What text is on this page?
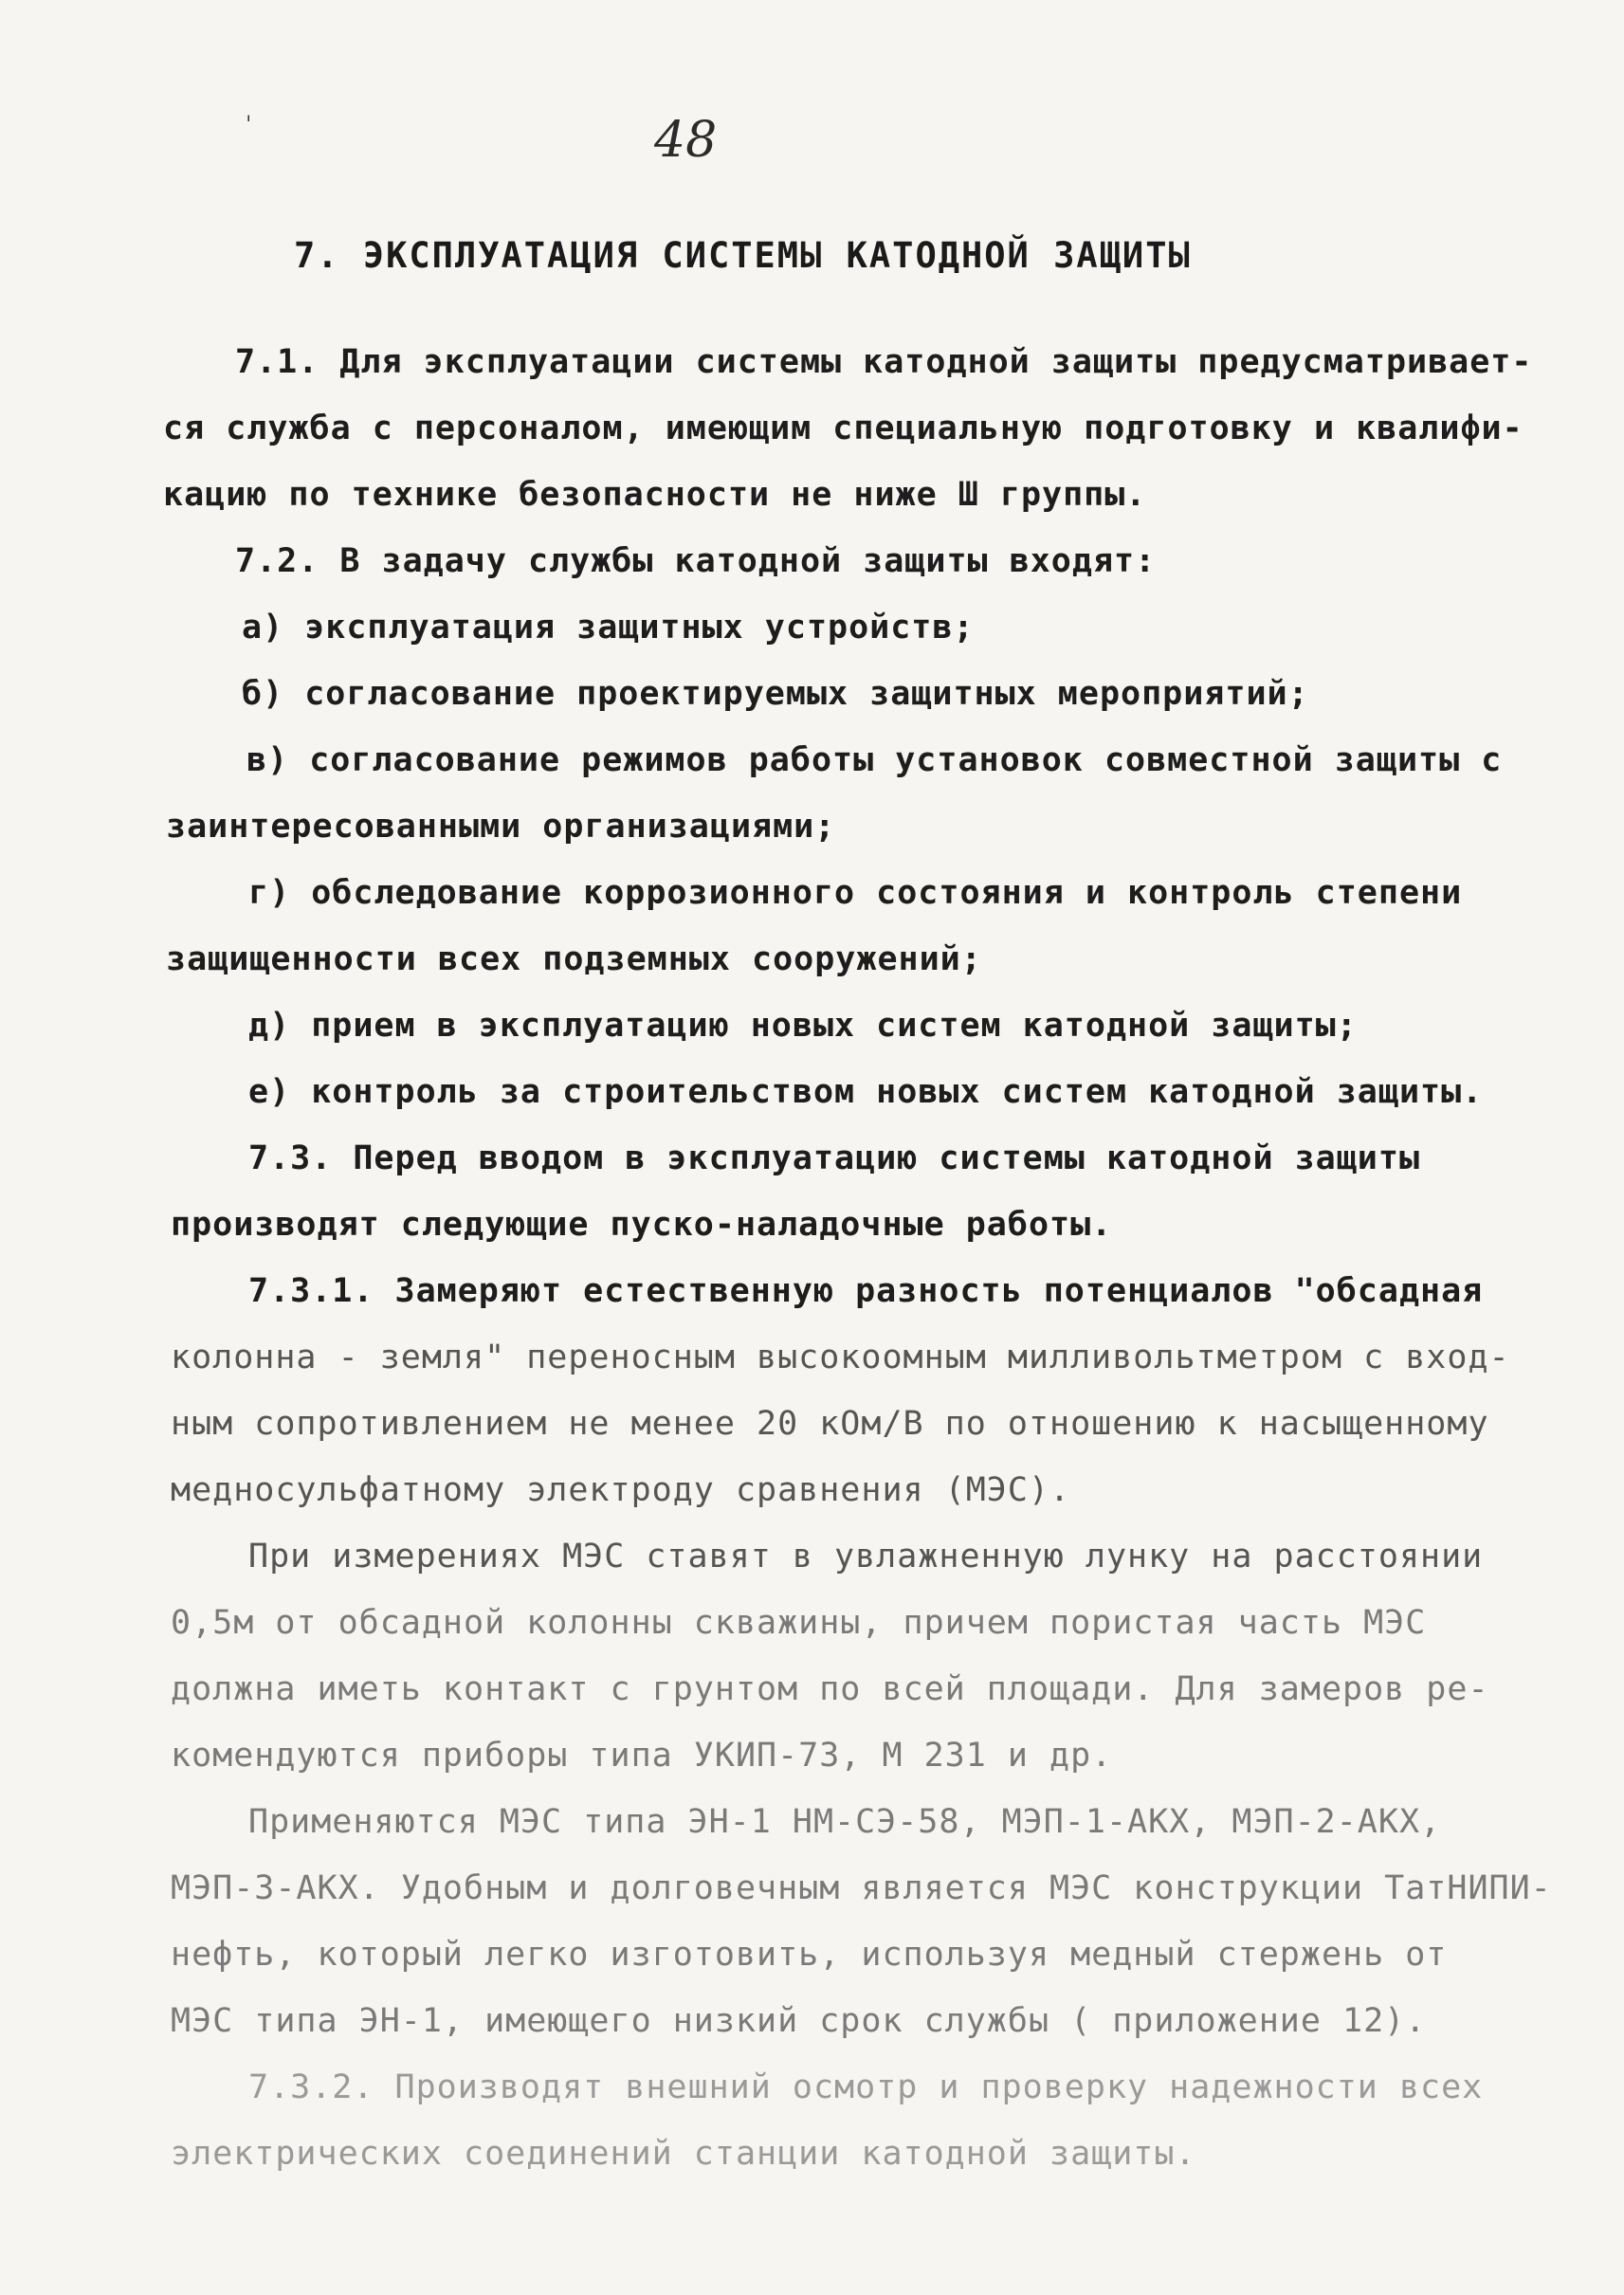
48
7. ЭКСПЛУАТАЦИЯ СИСТЕМЫ КАТОДНОЙ ЗАЩИТЫ
7.1. Для эксплуатации системы катодной защиты предусматривает-
ся служба с персоналом, имеющим специальную подготовку и квалифи-
кацию по технике безопасности не ниже Ш группы.
7.2. В задачу службы катодной защиты входят:
а) эксплуатация защитных устройств;
б) согласование проектируемых защитных мероприятий;
в) согласование режимов работы установок совместной защиты с
заинтересованными организациями;
г) обследование коррозионного состояния и контроль степени
защищенности всех подземных сооружений;
д) прием в эксплуатацию новых систем катодной защиты;
е) контроль за строительством новых систем катодной защиты.
7.3. Перед вводом в эксплуатацию системы катодной защиты
производят следующие пуско-наладочные работы.
7.3.1. Замеряют естественную разность потенциалов "обсадная
колонна - земля" переносным высокоомным милливольтметром с вход-
ным сопротивлением не менее 20 кОм/В по отношению к насыщенному
медносульфатному электроду сравнения (МЭС).
При измерениях МЭС ставят в увлажненную лунку на расстоянии
0,5м от обсадной колонны скважины, причем пористая часть МЭС
должна иметь контакт с грунтом по всей площади. Для замеров ре-
комендуются приборы типа УКИП-73, М 231 и др.
Применяются МЭС типа ЭН-1 НМ-СЭ-58, МЭП-1-АКХ, МЭП-2-АКХ,
МЭП-3-АКХ. Удобным и долговечным является МЭС конструкции ТатНИПИ-
нефть, который легко изготовить, используя медный стержень от
МЭС типа ЭН-1, имеющего низкий срок службы ( приложение 12).
7.3.2. Производят внешний осмотр и проверку надежности всех
электрических соединений станции катодной защиты.
ˈ
